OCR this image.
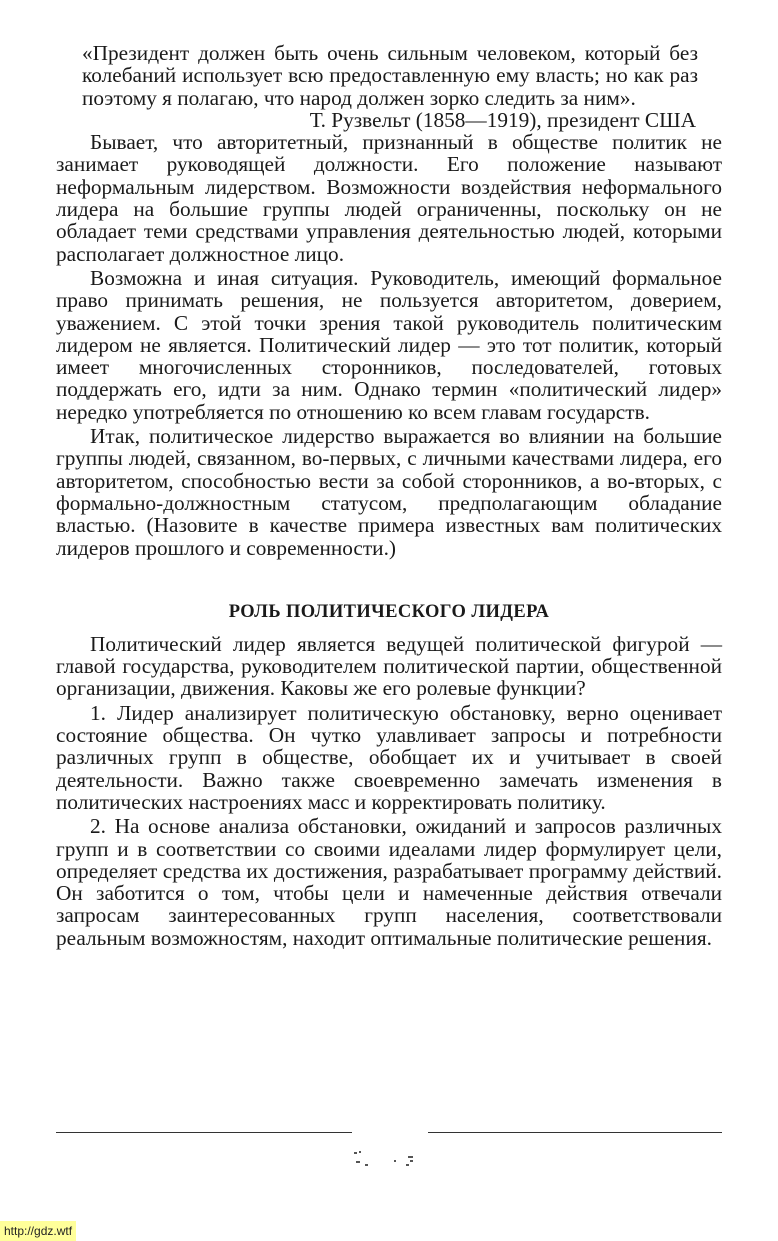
«Президент должен быть очень сильным человеком, который без колебаний использует всю предоставленную ему власть; но как раз поэтому я полагаю, что народ должен зорко следить за ним».
Т. Рузвельт (1858—1919), президент США

Бывает, что авторитетный, признанный в обществе политик не занимает руководящей должности. Его положение называют неформальным лидерством. Возможности воздействия неформального лидера на большие группы людей ограниченны, поскольку он не обладает теми средствами управления деятельностью людей, которыми располагает должностное лицо.

Возможна и иная ситуация. Руководитель, имеющий формальное право принимать решения, не пользуется авторитетом, доверием, уважением. С этой точки зрения такой руководитель политическим лидером не является. Политический лидер — это тот политик, который имеет многочисленных сторонников, последователей, готовых поддержать его, идти за ним. Однако термин «политический лидер» нередко употребляется по отношению ко всем главам государств.

Итак, политическое лидерство выражается во влиянии на большие группы людей, связанном, во-первых, с личными качествами лидера, его авторитетом, способностью вести за собой сторонников, а во-вторых, с формально-должностным статусом, предполагающим обладание властью. (Назовите в качестве примера известных вам политических лидеров прошлого и современности.)

РОЛЬ ПОЛИТИЧЕСКОГО ЛИДЕРА

Политический лидер является ведущей политической фигурой — главой государства, руководителем политической партии, общественной организации, движения. Каковы же его ролевые функции?

1. Лидер анализирует политическую обстановку, верно оценивает состояние общества. Он чутко улавливает запросы и потребности различных групп в обществе, обобщает их и учитывает в своей деятельности. Важно также своевременно замечать изменения в политических настроениях масс и корректировать политику.

2. На основе анализа обстановки, ожиданий и запросов различных групп и в соответствии со своими идеалами лидер формулирует цели, определяет средства их достижения, разрабатывает программу действий. Он заботится о том, чтобы цели и намеченные действия отвечали запросам заинтересованных групп населения, соответствовали реальным возможностям, находит оптимальные политические решения.

http://gdz.wtf
